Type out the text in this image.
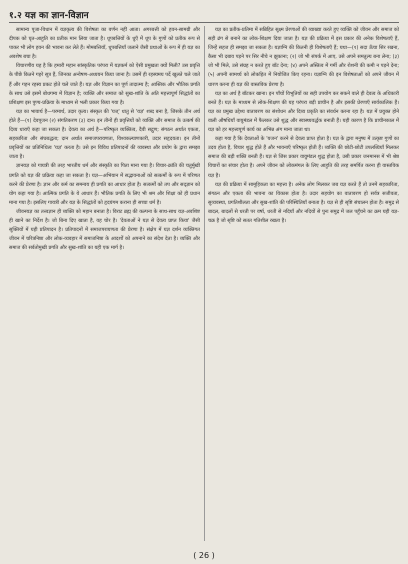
१.२ यज्ञ का ज्ञान-विज्ञान

सामान्य पूजा-विधान में यज्ञकृत्य की विशेषता का वर्णन नहीं आता। अगरबत्ती को हवन-सामग्री और दीपक को घृत-आहुति का प्रतीक मान लिया जाता है। धूपबत्तियों के धुएँ में धूप के गुणों को प्रतीक रूप से पाकर भी लोग हवन की भावना कर लेते हैं। मोमबत्तियाँ, धूपबत्तियाँ जलाने जैसी प्रथाओं के रूप में ही यज्ञ का अवशेष बचा है।

विचारणीय यह है कि हमारी महान सांस्कृतिक परंपरा में यज्ञकर्म को ऐसी प्रमुखता क्यों मिली? उस प्रवृत्ति के पीछे कितने गहरे सूत्र हैं, जिनका अन्वेषण-अध्ययन किया जाना है। उसमें ही रहस्यमय पर्दे खुलते चले जाते हैं और गहन रहस्य प्रकट होते चले जाते हैं। यज्ञ और विज्ञान का पूर्ण तादात्म्य है; आस्तिक और भौतिक प्रगति के साथ उसे इसमें बोधगम्य में विज्ञान है; व्यक्ति और समाज को सुख-शांति के अति महत्त्वपूर्ण सिद्धांतों का प्रशिक्षण इस पुण्य-प्रक्रिया के माध्यम से भली प्रकार किया गया है।

यज्ञ का भावार्थ है—परमार्थ, उदार कृत्य। संस्कृत की 'यज्' धातु से 'यज्ञ' शब्द बना है, जिसके तीन अर्थ होते हैं—(१) देवपूजन (२) संगतिकरण (३) दान। इन तीनों ही प्रवृत्तियों को व्यक्ति और समाज के उत्कर्ष की दिव्य धाराएँ कहा जा सकता है। देवत्व का अर्थ है—परिष्कृत व्यक्तित्व, दैवी सद्गुण; संगठन अर्थात एकता, सहकारिता और संघबद्धता; दान अर्थात समाजपरायणता, विश्वकल्याणकारी, उदार सहृदयता। इन तीनों प्रवृत्तियों का प्रतिनिधित्व 'यज्ञ' करता है। उसे इन विविध प्रतिपादनों की व्यवस्था और प्रयोग के द्वारा समझा जाता है।

ज्ञानयज्ञ को गायत्री की तरह भारतीय धर्म और संस्कृति का पिता माना गया है। विचार-क्रांति की चतुर्मुखी प्रगति को यज्ञ की प्रक्रिया कहा जा सकता है। यज्ञ—अभियान में सद्भावनाओं को सत्कर्मों के रूप में परिणत करने की प्रेरणा है। ज्ञान और कर्म का समन्वय ही प्रगति का आधार होता है। सत्कर्मों को तप और सद्ज्ञान को योग कहा गया है। आत्मिक प्रगति के ये आधार हैं। भौतिक प्रगति के लिए भी श्रम और शिक्षा को ही प्रधान माना गया है। इसलिए गायत्री और यज्ञ के सिद्धांतों को हृदयंगम कराना ही सच्चा धर्म है।

जीवनयज्ञ का तत्त्वज्ञान ही व्यक्ति को महान बनाता है। विराट ब्रह्म की कल्पना के साथ-साथ यज्ञ-अवशिष्ट ही खाने का निर्देश है। जो बिना दिए खाता है, वह चोर है। 'देवताओं ने यज्ञ से देवत्व प्राप्त किया' जैसी सूक्तियों में यही प्रतिपादन है। प्रतिपादनों में समाजपरायणता की प्रेरणा है। संक्षेप में यज्ञ दर्शन व्यक्तिगत जीवन में चरित्रनिष्ठा और लोक-व्यवहार में समाजनिष्ठा के आदर्शों को अपनाने का संदेश देता है। व्यक्ति और समाज की सर्वतोमुखी प्रगति और सुख-शांति का यही एक मार्ग है।

यज्ञ का प्रतीक-प्रतिमा में सन्निहित सूक्ष्म प्रेरणाओं की व्याख्या करते हुए व्यक्ति को जीवन और समाज को सही ढंग से बनाने का लोक-शिक्षण दिया जाता है। यज्ञ की प्रक्रिया में इस प्रकार की अनेक विशेषताएँ हैं, जिन्हें सहज ही समझा जा सकता है। यज्ञाग्नि की कितनी ही विशेषताएँ हैं; यथा—(१) सदा ऊँचा सिर रखना, कैसा भी दबाव पड़ने पर सिर नीचे न झुकाना; (२) जो भी संपर्क में आए, उसे अपने समतुल्य बना लेना; (३) जो भी मिले, उसे संग्रह न करते हुए बाँट देना; (४) अपने अस्तित्व में गर्मी और रोशनी की कमी न पड़ने देना; (५) अपनी सामर्थ्य को लोकहित में नियोजित किए रहना। यज्ञाग्नि की इन विशेषताओं को अपने जीवन में धारण करना ही यज्ञ की वास्तविक प्रेरणा है।

यज्ञ का अर्थ है बाँटकर खाना। इन पाँचों विभूतियों का सही उपयोग कर सकने वाले ही देवत्व के अधिकारी बनते हैं। यज्ञ के माध्यम से लोक-शिक्षण की यह परंपरा बड़ी प्राचीन है और इसकी प्रेरणाएँ सार्वकालिक हैं। यज्ञ का प्रमुख उद्देश्य वातावरण का संशोधन और दिव्य प्रकृति का संवर्धन करना रहा है। यज्ञ में प्रयुक्त होने वाली औषधियाँ वायुमंडल में फैलकर उसे शुद्ध और स्वास्थ्यवर्द्धक बनाती हैं। यही कारण है कि प्राचीनकाल में यज्ञ को हर महत्त्वपूर्ण कार्य का अभिन्न अंग माना जाता था।

कहा गया है कि देवताओं के 'यजन' करने से देवत्व प्राप्त होता है। यज्ञ के द्वारा मनुष्य में उत्कृष्ट गुणों का उदय होता है, विचार शुद्ध होते हैं और भावनाएँ परिष्कृत होती हैं। व्यक्ति की छोटी-छोटी उपलब्धियाँ मिलकर समाज की बड़ी शक्ति बनती हैं। यज्ञ से जिस प्रकार वायुमंडल शुद्ध होता है, उसी प्रकार जनमानस में भी श्रेष्ठ विचारों का संचार होता है। अपने जीवन को लोकमंगल के लिए आहुति की तरह समर्पित करना ही वास्तविक यज्ञ है।

यज्ञ की प्रक्रिया में सामूहिकता का महत्त्व है। अनेक लोग मिलकर जब यज्ञ करते हैं तो उनमें सहकारिता, संगठन और एकता की भावना का विकास होता है। उदार सहयोग का वातावरण हो सर्वत्र सजीवता, सुव्यवस्था, प्रगतिशीलता और सुख-शांति की परिस्थितियाँ बनाता है। यज्ञ से ही सृष्टि संचालन होता है। समुद्र से बादल, बादलों से धरती पर वर्षा, धरती से नदियाँ और नदियों से पुनः समुद्र में जल पहुँचने का क्रम यही यज्ञ-चक्र है जो सृष्टि को सतत गतिशील रखता है।

( 26 )
